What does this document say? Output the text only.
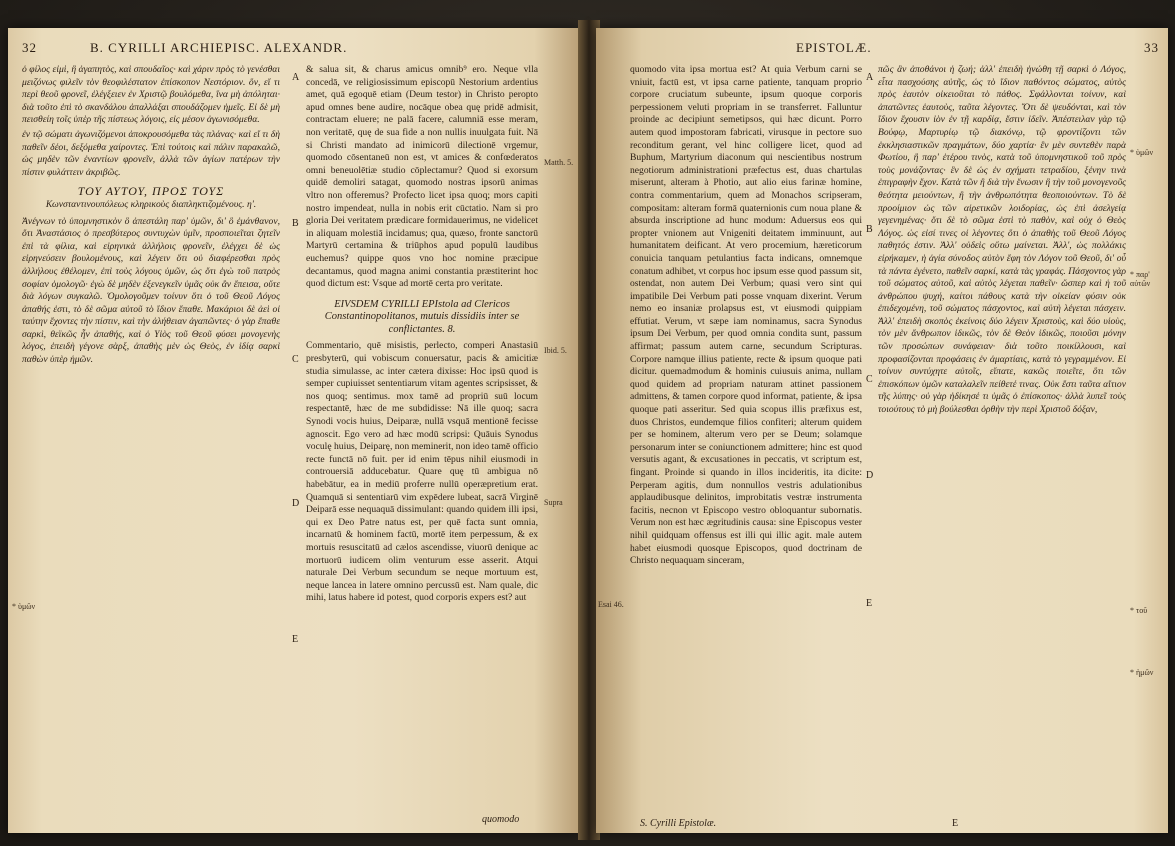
32	B. CYRILLI ARCHIEPISC. ALEXANDR.

ὁ φίλος εἰμὶ, ἢ ἀγαπητὸς, καὶ σπουδαῖος· καὶ χάριν πρὸς τὸ γενέσθαι μειζόνως φιλεῖν τὸν θεοφιλέστατον ἐπίσκοπον Νεστόριον. ὅν, εἴ τι περὶ θεοῦ φρονεῖ, ἐλέγξειεν ἐν Χριστῷ βουλόμεθα, ἵνα μὴ ἀπόληται· διὰ τοῦτο ἐπὶ τὸ σκανδάλου ἀπαλλάξαι σπουδάζομεν ἡμεῖς. Εἰ δὲ μὴ πεισθείη τοῖς ὑπὲρ τῆς πίστεως λόγοις, εἰς μέσον ἀγωνισόμεθα.

ἐν τῷ σώματι ἀγωνιζόμενοι ἀποκρουσόμεθα τὰς πλάνας· καὶ εἴ τι δὴ παθεῖν δέοι, δεξόμεθα χαίροντες. Ἐπὶ τούτοις καὶ πάλιν παρακαλῶ, ὡς μηδὲν τῶν ἐναντίων φρονεῖν, ἀλλὰ τῶν ἁγίων πατέρων τὴν πίστιν φυλάττειν ἀκριβῶς.

ΤΟΥ ΑΥΤΟΥ, ΠΡΟΣ ΤΟΥΣ
Κωνσταντινουπόλεως κληρικοὺς διαπληκτιζομένους. η'.

Ἀνέγνων τὸ ὑπομνηστικὸν ὃ ἀπεστάλη παρ' ὑμῶν, δι' ὃ ἐμάνθανον, ὅτι Ἀναστάσιος ὁ πρεσβύτερος συντυχὼν ὑμῖν, προσποιεῖται ζητεῖν ἐπὶ τὰ φίλια, καὶ εἰρηνικὰ ἀλλήλοις φρονεῖν, ἐλέγχει δὲ ὡς εἰρηνεύσειν βουλομένους, καὶ λέγειν ὅτι οὐ διαφέρεσθαι πρὸς ἀλλήλους ἐθέλομεν, ἐπὶ τοὺς λόγους ὑμῶν, ὡς ὅτι ἐγὼ τοῦ πατρὸς σοφίαν ὁμολογῶ· ἐγὼ δὲ μηδὲν ἐξενεγκεῖν ὑμᾶς οὐκ ἂν ἔπεισα, οὔτε διὰ λόγων συγκαλῶ. Ὁμολογοῦμεν τοίνυν ὅτι ὁ τοῦ Θεοῦ Λόγος ἀπαθής ἐστι, τὸ δὲ σῶμα αὐτοῦ τὸ ἴδιον ἔπαθε. Μακάριοι δὲ ἀεὶ οἱ ταύτην ἔχοντες τὴν πίστιν, καὶ τὴν ἀλήθειαν ἀγαπῶντες· ὁ γὰρ ἔπαθε σαρκὶ, θεϊκῶς ἦν ἀπαθής, καὶ ὁ Υἱὸς τοῦ Θεοῦ φύσει μονογενὴς λόγος, ἐπειδὴ γέγονε σὰρξ, ἀπαθὴς μὲν ὡς Θεὸς, ἐν ἰδίᾳ σαρκὶ παθὼν ὑπὲρ ἡμῶν.

& salua sit, & charus amicus omnib⁹ ero. Neque vlla concedā, ve religiosissimum episcopū Nestorium ardentius amet, quā egoquē etiam (Deum testor) in Christo peropto apud omnes bene audire, nocāque obea quę pridē admisit, contractam eluere; ne palā facere, calumniā esse meram, non veritatē, quę de sua fide a non nullis inuulgata fuit. Nā si Christi mandato ad inimicorū dilectionē vrgemur, quomodo cōsentaneū non est, vt amices & confœderatos omni beneuolētiæ studio cōplectamur? Quod si exorsum quidē demoliri satagat, quomodo nostras ipsorū animas vltro non offeremus? Profecto licet ipsa quoq; mors capiti nostro impendeat, nulla in nobis erit cūctatio. Nam si pro gloria Dei veritatem prædicare formidauerimus, ne videlicet in aliquam molestiā incidamus; qua, quæso, fronte sanctorū Martyrū certamina & triūphos apud populū laudibus euchemus? quippe quos vno hoc nomine præcipue decantamus, quod magna animi constantia præstiterint hoc quod dictum est: Vsque ad mortē certa pro veritate.

EIVSDEM CYRILLI EPIstola ad Clericos Constantinopolitanos, mutuis dissidiis inter se conflictantes. 8.

Commentario, quē misistis, perlecto, comperi Anastasiū presbyterū, qui vobiscum conuersatur, pacis & amicitiæ studia simulasse, ac inter cætera dixisse: Hoc ipsū quod is semper cupiuisset sententiarum vitam agentes scripsisset, & nos quoq; sentimus. mox tamē ad propriū suū locum respectantē, hæc de me subdidisse: Nā ille quoq; sacra Synodi vocis huius, Deiparæ, nullā vsquā mentionē fecisse agnoscit. Ego vero ad hæc modū scripsi: Quāuis Synodus voculę huius, Deiparę, non meminerit, non ideo tamē officio recte functā nō fuit. per id enim tēpus nihil eiusmodi in controuersiā adducebatur. Quare quę tū ambigua nō habebātur, ea in mediū proferre nullū operæpretium erat. Quamquā si sententiarū vim expēdere lubeat, sacrā Virginē Deiparā esse nequaquā dissimulant: quando quidem illi ipsi, qui ex Deo Patre natus est, per quē facta sunt omnia, incarnatū & hominem factū, mortē item perpessum, & ex mortuis resuscitatū ad cælos ascendisse, viuorū denique ac mortuorū iudicem olim venturum esse asserit. Atqui naturale Dei Verbum secundum se neque mortuum est, neque lancea in latere omnino percussū est. Nam quale, dic mihi, latus habere id potest, quod corporis expers est? aut

A
B
C
D
E
Matth. 5.
Ibid. 5.
Supra
* ὑμῶν
quomodo
EPISTOLÆ.	33

quomodo vita ipsa mortua est? At quia Verbum carni se vniuit, factū est, vt ipsa carne patiente, tanquam proprio corpore cruciatum subeunte, ipsum quoque corporis perpessionem veluti propriam in se transferret. Falluntur proinde ac decipiunt semetipsos, qui hæc dicunt. Porro autem quod impostoram fabricati, virusque in pectore suo reconditum gerant, vel hinc colligere licet, quod ad Buphum, Martyrium diaconum qui nescientibus nostrum negotiorum administrationi præfectus est, duas chartulas miserunt, alteram à Photio, aut alio eius farinæ homine, contra commentarium, quem ad Monachos scripseram, compositam: alteram formā quaternionis cum noua plane & absurda inscriptione ad hunc modum: Aduersus eos qui propter vnionem aut Vnigeniti deitatem imminuunt, aut humanitatem deificant. At vero procemium, hæreticorum conuicia tanquam petulantius facta indicans, omnemque conatum adhibet, vt corpus hoc ipsum esse quod passum sit, ostendat, non autem Dei Verbum; quasi vero sint qui impatibile Dei Verbum pati posse vnquam dixerint. Verum nemo eo insaniæ prolapsus est, vt eiusmodi quippiam effutiat. Verum, vt sæpe iam nominamus, sacra Synodus ipsum Dei Verbum, per quod omnia condita sunt, passum affirmat; passum autem carne, secundum Scripturas. Corpore namque illius patiente, recte & ipsum quoque pati dicitur. quemadmodum & hominis cuiusuis anima, nullam quod quidem ad propriam naturam attinet passionem admittens, & tamen corpore quod informat, patiente, & ipsa quoque pati asseritur. Sed quia scopus illis præfixus est, duos Christos, eundemque filios confiteri; alterum quidem per se hominem, alterum vero per se Deum; solamque personarum inter se coniunctionem admittere; hinc est quod versutis agant, & excusationes in peccatis, vt scriptum est, fingant. Proinde si quando in illos incideritis, ita dicite: Perperam agitis, dum nonnullos vestris adulationibus applaudibusque delinitos, improbitatis vestræ instrumenta facitis, necnon vt Episcopo vestro obloquantur subornatis. Verum non est hæc ægritudinis causa: sine Episcopus vester nihil quidquam offensus est illi qui illic agit. male autem habet eiusmodi quosque Episcopos, quod doctrinam de Christo nequaquam sinceram,

πῶς ἂν ἀποθάνοι ἡ ζωή; ἀλλ' ἐπειδὴ ἡνώθη τῇ σαρκὶ ὁ Λόγος, εἶτα πασχούσης αὐτῆς, ὡς τὸ ἴδιον παθόντος σώματος, αὐτὸς πρὸς ἑαυτὸν οἰκειοῦται τὸ πάθος. Σφάλλονται τοίνυν, καὶ ἀπατῶντες ἑαυτοὺς, ταῦτα λέγοντες. Ὅτι δὲ ψευδόνται, καὶ τὸν ἴδιον ἔχουσιν ἰὸν ἐν τῇ καρδίᾳ, ἔστιν ἰδεῖν. Ἀπέστειλαν γὰρ τῷ Βούφῳ, Μαρτυρίῳ τῷ διακόνῳ, τῷ φροντίζοντι τῶν ἐκκλησιαστικῶν πραγμάτων, δύο χαρτία· ἓν μὲν συντεθὲν παρὰ Φωτίου, ἢ παρ' ἑτέρου τινὸς, κατὰ τοῦ ὑπομνηστικοῦ τοῦ πρὸς τοὺς μονάζοντας· ἓν δὲ ὡς ἐν σχήματι τετραδίου, ξένην τινὰ ἐπιγραφὴν ἔχον. Κατὰ τῶν ἢ διὰ τὴν ἕνωσιν ἢ τὴν τοῦ μονογενοῦς θεότητα μειούντων, ἢ τὴν ἀνθρωπότητα θεοποιούντων. Τὸ δὲ προοίμιον ὡς τῶν αἱρετικῶν λοιδορίας, ὡς ἐπὶ ἀσελγείᾳ γεγενημένας· ὅτι δὲ τὸ σῶμα ἐστὶ τὸ παθὸν, καὶ οὐχ ὁ Θεὸς Λόγος. ὡς εἰσί τινες οἱ λέγοντες ὅτι ὁ ἀπαθὴς τοῦ Θεοῦ Λόγος παθητός ἐστιν. Ἀλλ' οὐδεὶς οὕτω μαίνεται. Ἀλλ', ὡς πολλάκις εἰρήκαμεν, ἡ ἁγία σύνοδος αὐτὸν ἔφη τὸν Λόγον τοῦ Θεοῦ, δι' οὗ τὰ πάντα ἐγένετο, παθεῖν σαρκί, κατὰ τὰς γραφάς. Πάσχοντος γὰρ τοῦ σώματος αὐτοῦ, καὶ αὐτὸς λέγεται παθεῖν· ὥσπερ καὶ ἡ τοῦ ἀνθρώπου ψυχή, καίτοι πάθους κατὰ τὴν οἰκείαν φύσιν οὐκ ἐπιδεχομένη, τοῦ σώματος πάσχοντος, καὶ αὐτὴ λέγεται πάσχειν. Ἀλλ' ἐπειδὴ σκοπὸς ἐκείνοις δύο λέγειν Χριστοὺς, καὶ δύο υἱοὺς, τὸν μὲν ἄνθρωπον ἰδικῶς, τὸν δὲ Θεὸν ἰδικῶς, ποιοῦσι μόνην τῶν προσώπων συνάφειαν· διὰ τοῦτο ποικίλλουσι, καὶ προφασίζονται προφάσεις ἐν ἁμαρτίαις, κατὰ τὸ γεγραμμένον. Εἰ τοίνυν συντύχητε αὐτοῖς, εἴπατε, κακῶς ποιεῖτε, ὅτι τῶν ἐπισκόπων ὑμῶν καταλαλεῖν πείθετέ τινας. Οὐκ ἔστι ταῦτα αἴτιον τῆς λύπης· οὐ γὰρ ἠδίκησέ τι ὑμᾶς ὁ ἐπίσκοπος· ἀλλὰ λυπεῖ τοὺς τοιούτους τὸ μὴ βούλεσθαι ὀρθὴν τὴν περὶ Χριστοῦ δόξαν,

A
B
C
D
E
* ὑμῶν
* παρ' αὐτῶν
* τοῦ
* ἡμῶν
Esai 46.
S. Cyrilli Epistolæ.	E
